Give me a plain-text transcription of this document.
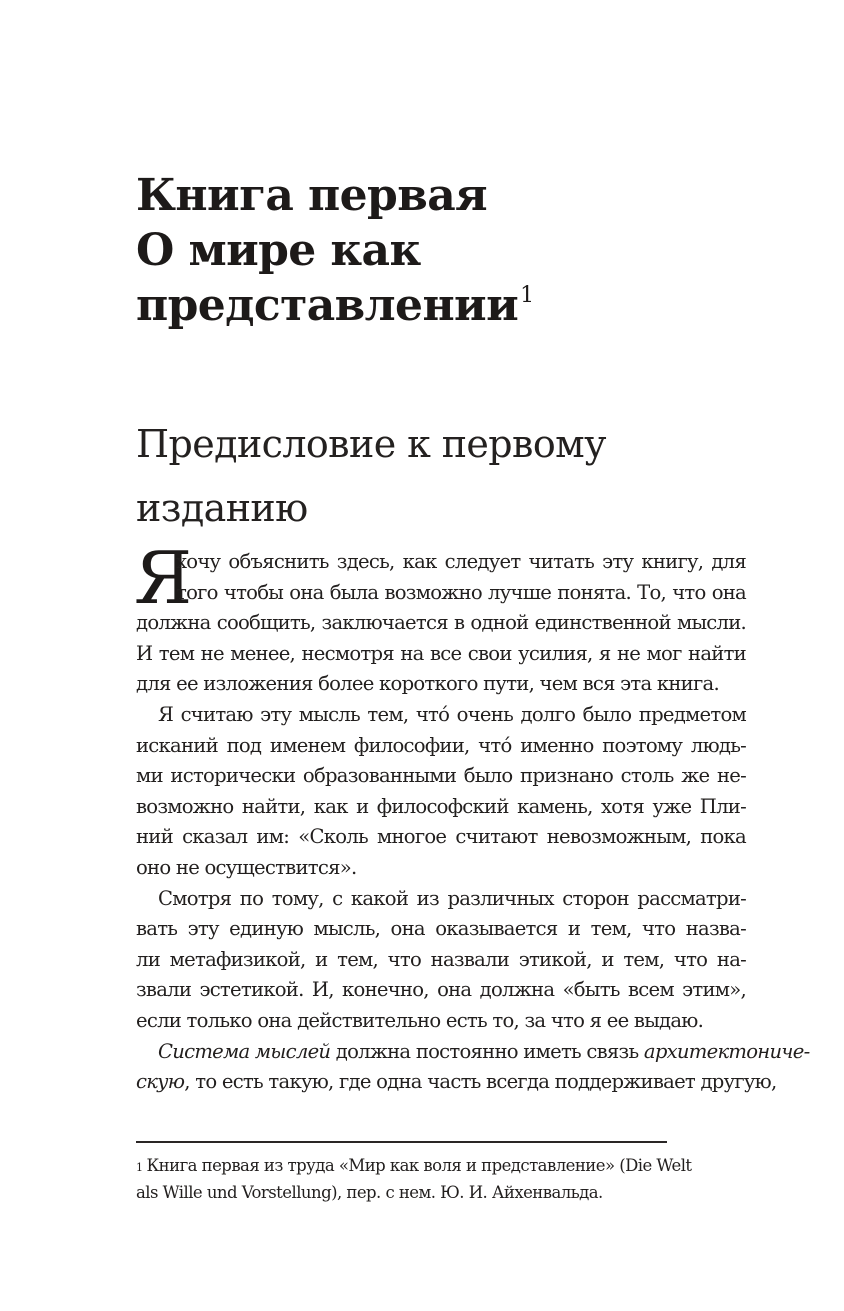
Книга первая
О мире как
представлении$^1$
Предисловие к первому
изданию
Я
хочу объяснить здесь, как следует читать эту книгу, для
того чтобы она была возможно лучше понята. То, что она
должна сообщить, заключается в одной единственной мысли.
И тем не менее, несмотря на все свои усилия, я не мог найти
для ее изложения более короткого пути, чем вся эта книга.
Я считаю эту мысль тем, что́ очень долго было предметом
исканий под именем философии, что́ именно поэтому людь-
ми исторически образованными было признано столь же не-
возможно найти, как и философский камень, хотя уже Пли-
ний сказал им: «Сколь многое считают невозможным, пока
оно не осуществится».
Смотря по тому, с какой из различных сторон рассматри-
вать эту единую мысль, она оказывается и тем, что назва-
ли метафизикой, и тем, что назвали этикой, и тем, что на-
звали эстетикой. И, конечно, она должна «быть всем этим»,
если только она действительно есть то, за что я ее выдаю.
Система мыслей должна постоянно иметь связь архитектониче-
скую, то есть такую, где одна часть всегда поддерживает другую,
$^1$ Книга первая из труда «Мир как воля и представление» (Die Welt
als Wille und Vorstellung), пер. с нем. Ю. И. Айхенвальда.
